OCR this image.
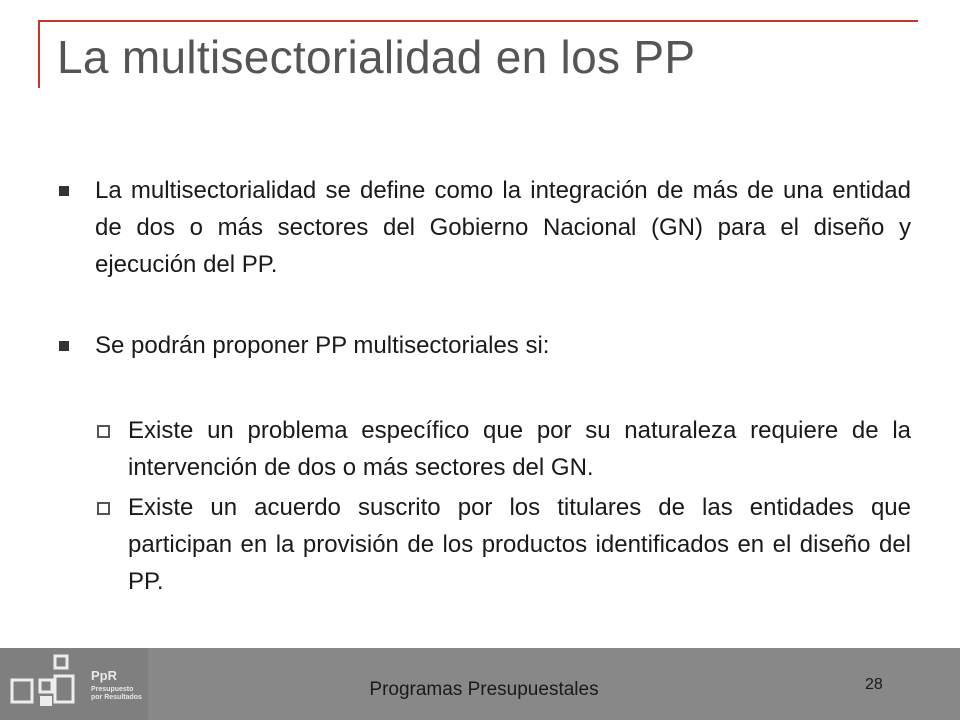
La multisectorialidad en los PP
La multisectorialidad se define como la integración de más de una entidad de dos o más sectores del Gobierno Nacional (GN) para el diseño y ejecución del PP.
Se podrán proponer PP multisectoriales si:
Existe un problema específico que por su naturaleza requiere de la intervención de dos o más sectores del GN.
Existe un acuerdo suscrito por los titulares de las entidades que participan en la provisión de los productos identificados en el diseño del PP.
PpR
Presupuesto
por Resultados	Programas Presupuestales	28
